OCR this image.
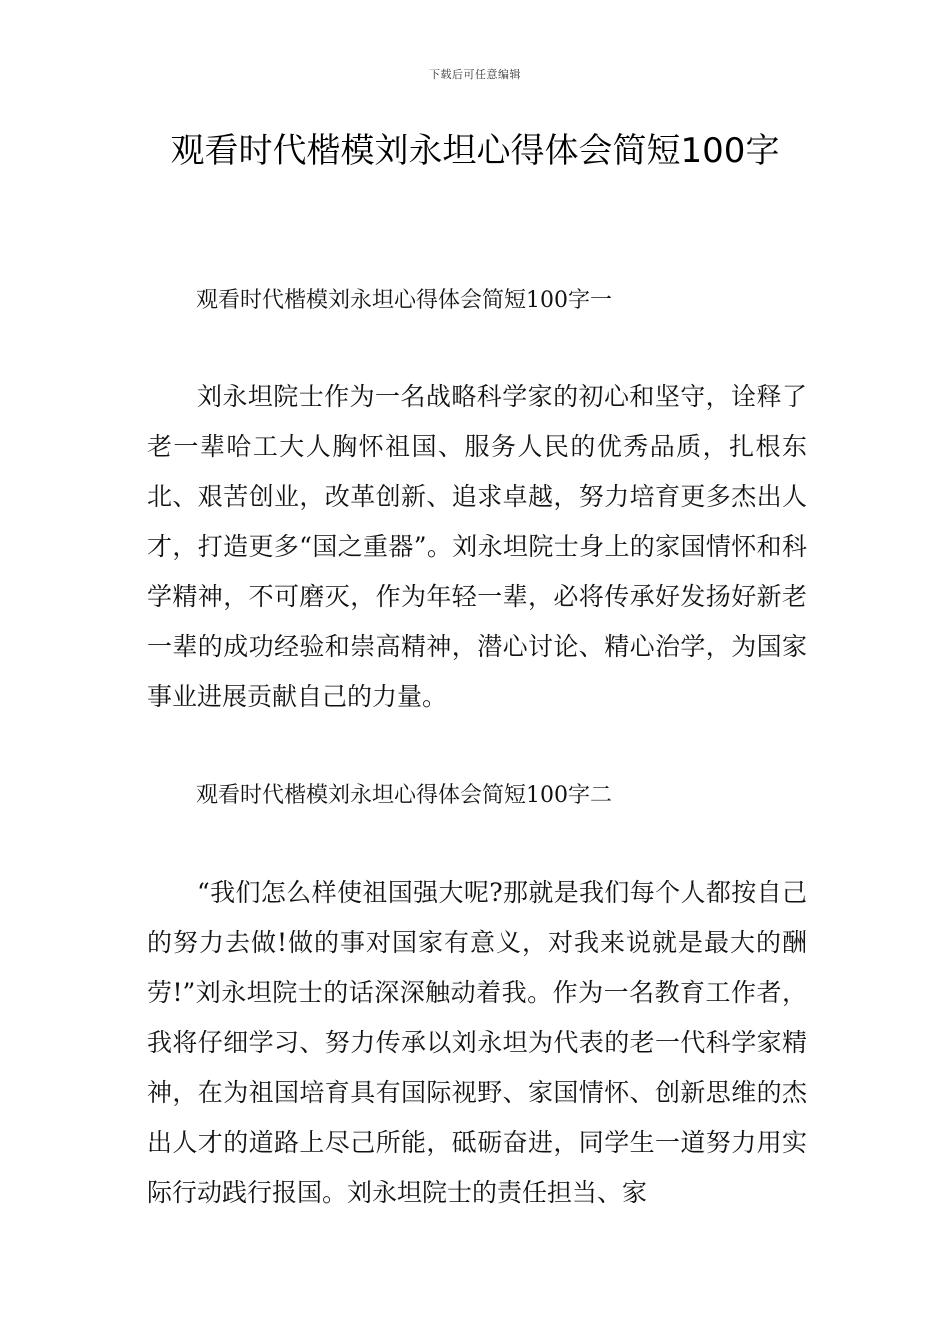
下载后可任意编辑
观看时代楷模刘永坦心得体会简短100字
观看时代楷模刘永坦心得体会简短100字一

刘永坦院士作为一名战略科学家的初心和坚守，诠释了老一辈哈工大人胸怀祖国、服务人民的优秀品质，扎根东北、艰苦创业，改革创新、追求卓越，努力培育更多杰出人才，打造更多“国之重器”。刘永坦院士身上的家国情怀和科学精神，不可磨灭，作为年轻一辈，必将传承好发扬好新老一辈的成功经验和崇高精神，潜心讨论、精心治学，为国家事业进展贡献自己的力量。

观看时代楷模刘永坦心得体会简短100字二

“我们怎么样使祖国强大呢?那就是我们每个人都按自己的努力去做!做的事对国家有意义，对我来说就是最大的酬劳!”刘永坦院士的话深深触动着我。作为一名教育工作者，我将仔细学习、努力传承以刘永坦为代表的老一代科学家精神，在为祖国培育具有国际视野、家国情怀、创新思维的杰出人才的道路上尽己所能，砥砺奋进，同学生一道努力用实际行动践行报国。刘永坦院士的责任担当、家
